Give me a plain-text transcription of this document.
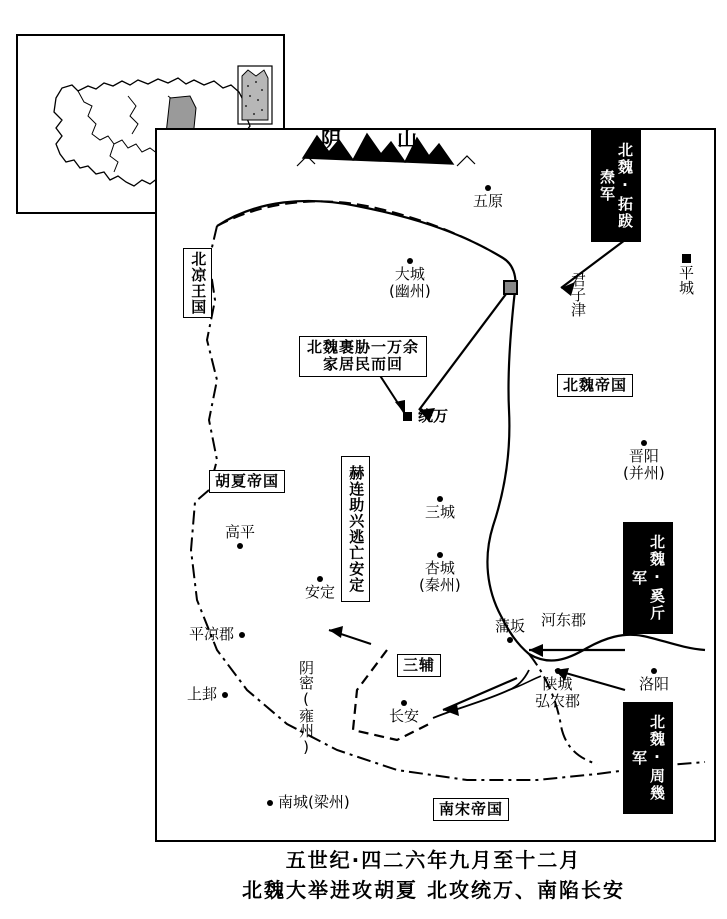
阴　山
五原
大城
(幽州)	君子津	平城
统万
晋阳
(并州)
三城
杏城
(秦州)
高平
安定
平凉郡
上邽	阴密(雍州)	长安
蒲坂 河东郡
陕城
弘农郡
洛阳
南城(梁州)
北凉王国
胡夏帝国
北魏帝国
南宋帝国
三辅
北魏·拓跋焘军
北魏·奚斤军
北魏·周幾军
北魏裹胁一万余家居民而回
赫连助兴逃亡安定
五世纪·四二六年九月至十二月
北魏大举进攻胡夏 北攻统万、南陷长安
